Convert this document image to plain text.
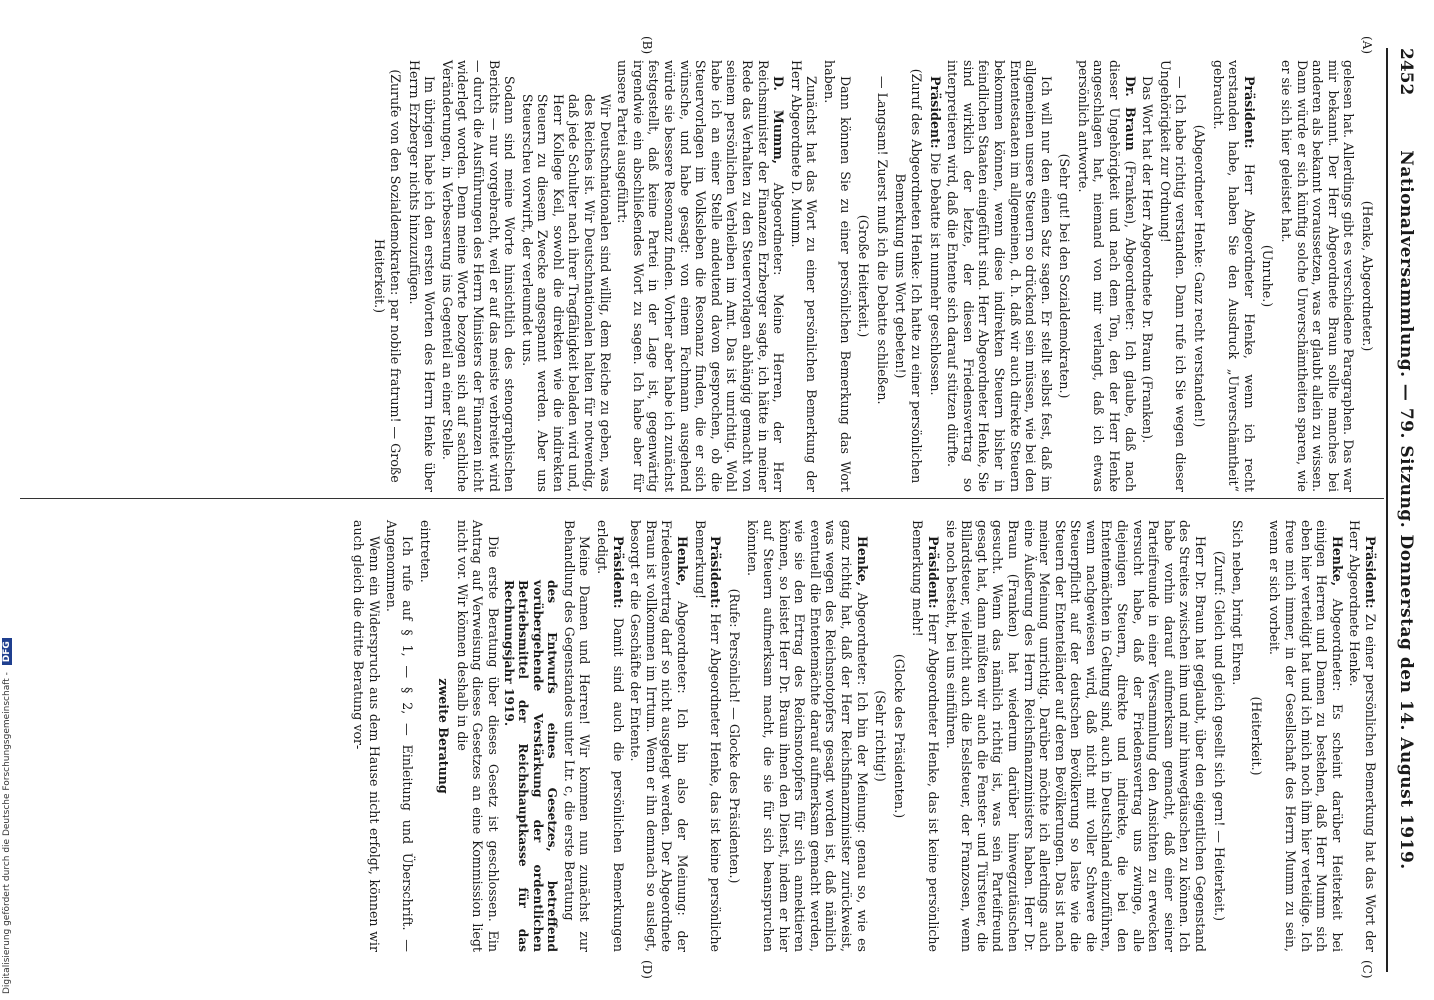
2452
Nationalversammlung. — 79. Sitzung. Donnerstag den 14. August 1919.
(A)
(B)
(C)
(D)

(Henke, Abgeordneter.)

gelesen hat. Allerdings gibt es verschiedene Paragraphen. Das war mir bekannt. Der Herr Abgeordnete Braun sollte manches bei anderen als bekannt voraussetzen, was er glaubt allein zu wissen. Dann würde er sich künftig solche Unverschämtheiten sparen, wie er sie sich hier geleistet hat.

(Unruhe.)

Präsident: Herr Abgeordneter Henke, wenn ich recht verstanden habe, haben Sie den Ausdruck „Unverschämtheit“ gebraucht.

(Abgeordneter Henke: Ganz recht verstanden!)

— Ich habe richtig verstanden. Dann rufe ich Sie wegen dieser Ungehörigkeit zur Ordnung!

Das Wort hat der Herr Abgeordnete Dr. Braun (Franken).

Dr. Braun (Franken), Abgeordneter: Ich glaube, daß nach dieser Ungehörigkeit und nach dem Ton, den der Herr Henke angeschlagen hat, niemand von mir verlangt, daß ich etwas persönlich antworte.

(Sehr gut! bei den Sozialdemokraten.)

Ich will nur den einen Satz sagen. Er stellt selbst fest, daß im allgemeinen unsere Steuern so drückend sein müssen, wie bei den Ententestaaten im allgemeinen, d. h. daß wir auch direkte Steuern bekommen können, wenn diese indirekten Steuern bisher in feindlichen Staaten eingeführt sind. Herr Abgeordneter Henke, Sie sind wirklich der letzte, der diesen Friedensvertrag so interpretieren wird, daß die Entente sich darauf stützen dürfte.

Präsident: Die Debatte ist nunmehr geschlossen.

(Zuruf des Abgeordneten Henke: Ich hatte zu einer persönlichen Bemerkung ums Wort gebeten!)

— Langsam! Zuerst muß ich die Debatte schließen.

(Große Heiterkeit.)

Dann können Sie zu einer persönlichen Bemerkung das Wort haben.

Zunächst hat das Wort zu einer persönlichen Bemerkung der Herr Abgeordnete D. Mumm.

D. Mumm, Abgeordneter: Meine Herren, der Herr Reichsminister der Finanzen Erzberger sagte, ich hätte in meiner Rede das Verhalten zu den Steuervorlagen abhängig gemacht von seinem persönlichen Verbleiben im Amt. Das ist unrichtig. Wohl habe ich an einer Stelle andeutend davon gesprochen, ob die Steuervorlagen im Volksleben die Resonanz finden, die er sich wünsche, und habe gesagt: von einem Fachmann ausgehend würde sie bessere Resonanz finden. Vorher aber habe ich zunächst festgestellt, daß keine Partei in der Lage ist, gegenwärtig irgendwie ein abschließendes Wort zu sagen. Ich habe aber für unsere Partei ausgeführt:

Wir Deutschnationalen sind willig, dem Reiche zu geben, was des Reiches ist. Wir Deutschnationalen halten für notwendig, daß jede Schulter nach ihrer Tragfähigkeit beladen wird und, Herr Kollege Keil, sowohl die direkten wie die indirekten Steuern zu diesem Zwecke angespannt werden. Aber uns Steuerscheu vorwirft, der verleumdet uns.

Sodann sind meine Worte hinsichtlich des stenographischen Berichts — nur vorgebracht, weil er auf das meiste verbreitet wird — durch die Ausführungen des Herrn Ministers der Finanzen nicht widerlegt worden. Denn meine Worte bezogen sich auf sachliche Veränderungen, in Verbesserung ins Gegenteil an einer Stelle.

Im übrigen habe ich den ersten Worten des Herrn Henke über Herrn Erzberger nichts hinzuzufügen.

(Zurufe von den Sozialdemokraten: par nobile fratrum! — Große Heiterkeit.)

Präsident: Zu einer persönlichen Bemerkung hat das Wort der Herr Abgeordnete Henke.

Henke, Abgeordneter: Es scheint darüber Heiterkeit bei einigen Herren und Damen zu bestehen, daß Herr Mumm sich eben hier verteidigt hat und ich mich noch ihm hier verteidige. Ich freue mich immer, in der Gesellschaft des Herrn Mumm zu sein, wenn er sich vorbeit.

(Heiterkeit.)

Sich neben, bringt Ehren.

(Zuruf: Gleich und gleich gesellt sich gern! — Heiterkeit.)

Herr Dr. Braun hat geglaubt, über den eigentlichen Gegenstand des Streites zwischen ihm und mir hinwegtäuschen zu können. Ich habe vorhin darauf aufmerksam gemacht, daß einer seiner Parteifreunde in einer Versammlung den Ansichten zu erwecken versucht habe, daß der Friedensvertrag uns zwinge, alle diejenigen Steuern, direkte und indirekte, die bei den Ententemächten in Geltung sind, auch in Deutschland einzuführen, wenn nachgewiesen wird, daß nicht mit voller Schwere die Steuerpflicht auf der deutschen Bevölkerung so laste wie die Steuern der Ententeländer auf deren Bevölkerungen. Das ist nach meiner Meinung unrichtig. Darüber möchte ich allerdings auch eine Äußerung des Herrn Reichsfinanzministers haben. Herr Dr. Braun (Franken) hat wiederum darüber hinwegzutäuschen gesucht. Wenn das nämlich richtig ist, was sein Parteifreund gesagt hat, dann müßten wir auch die Fenster- und Türsteuer, die Billardsteuer, vielleicht auch die Eselsteuer, der Franzosen, wenn sie noch besteht, bei uns einführen.

Präsident: Herr Abgeordneter Henke, das ist keine persönliche Bemerkung mehr!

(Glocke des Präsidenten.)

(Sehr richtig!)

Henke, Abgeordneter: Ich bin der Meinung: genau so, wie es ganz richtig hat, daß der Herr Reichsfinanzminister zurückweist, was wegen des Reichsnotopfers gesagt worden ist, daß nämlich eventuell die Ententemächte darauf aufmerksam gemacht werden, wie sie den Ertrag des Reichsnotopfers für sich annektieren können, so leistet Herr Dr. Braun ihnen den Dienst, indem er hier auf Steuern aufmerksam macht, die sie für sich beanspruchen könnten.

(Rufe: Persönlich! — Glocke des Präsidenten.)

Präsident: Herr Abgeordneter Henke, das ist keine persönliche Bemerkung!

Henke, Abgeordneter: Ich bin also der Meinung: der Friedensvertrag darf so nicht ausgelegt werden. Der Abgeordnete Braun ist vollkommen im Irrtum. Wenn er ihn demnach so auslegt, besorgt er die Geschäfte der Entente.

Präsident: Damit sind auch die persönlichen Bemerkungen erledigt.

Meine Damen und Herren! Wir kommen nun zunächst zur Behandlung des Gegenstandes unter Ltr. c, die erste Beratung

des Entwurfs eines Gesetzes, betreffend vorübergehende Verstärkung der ordentlichen Betriebsmittel der Reichshauptkasse für das Rechnungsjahr 1919.

Die erste Beratung über dieses Gesetz ist geschlossen. Ein Antrag auf Verweisung dieses Gesetzes an eine Kommission liegt nicht vor. Wir können deshalb in die

zweite Beratung

eintreten.

Ich rufe auf § 1, — § 2, — Einleitung und Überschrift. — Angenommen.

Wenn ein Widerspruch aus dem Hause nicht erfolgt, können wir auch gleich die dritte Beratung vor-

Digitalisierung gefördert durch die Deutsche Forschungsgemeinschaft - DFG
